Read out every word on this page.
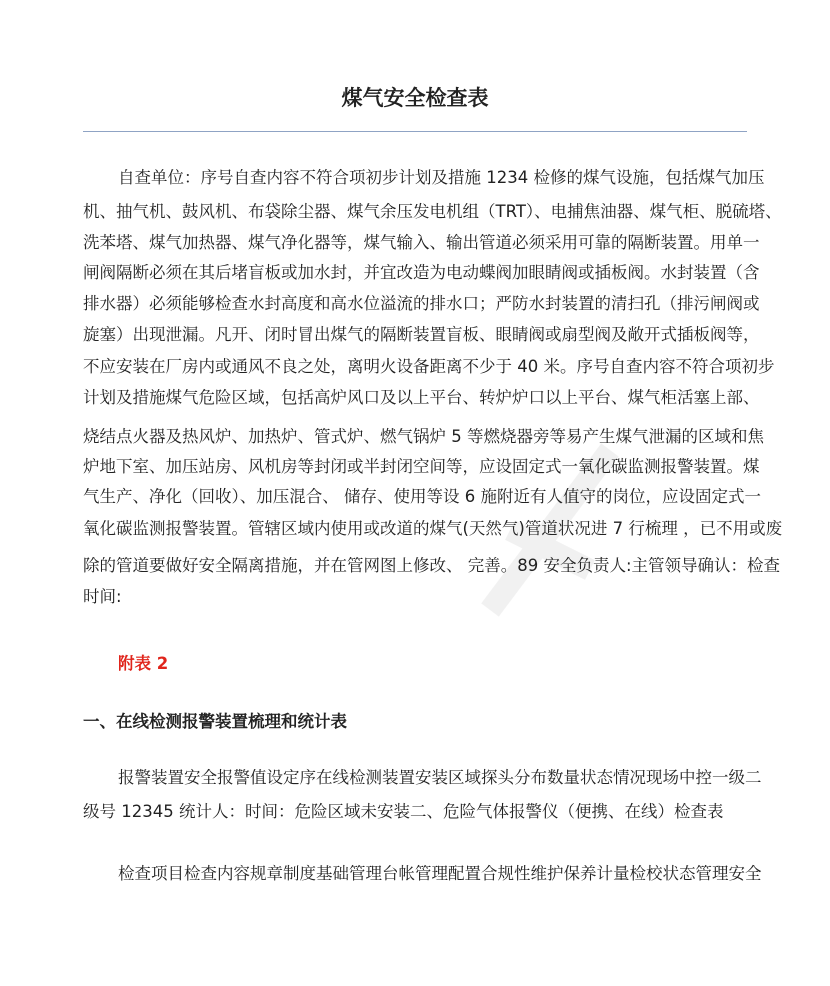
煤气安全检查表
自查单位：序号自查内容不符合项初步计划及措施 1234 检修的煤气设施，包括煤气加压
机、抽气机、鼓风机、布袋除尘器、煤气余压发电机组（TRT）、电捕焦油器、煤气柜、脱硫塔、
洗苯塔、煤气加热器、煤气净化器等，煤气输入、输出管道必须采用可靠的隔断装置。用单一
闸阀隔断必须在其后堵盲板或加水封，并宜改造为电动蝶阀加眼睛阀或插板阀。水封装置（含
排水器）必须能够检查水封高度和高水位溢流的排水口；严防水封装置的清扫孔（排污闸阀或
旋塞）出现泄漏。凡开、闭时冒出煤气的隔断装置盲板、眼睛阀或扇型阀及敞开式插板阀等，
不应安装在厂房内或通风不良之处，离明火设备距离不少于 40 米。序号自查内容不符合项初步
计划及措施煤气危险区域，包括高炉风口及以上平台、转炉炉口以上平台、煤气柜活塞上部、
烧结点火器及热风炉、加热炉、管式炉、燃气锅炉 5 等燃烧器旁等易产生煤气泄漏的区域和焦
炉地下室、加压站房、风机房等封闭或半封闭空间等，应设固定式一氧化碳监测报警装置。煤
气生产、净化（回收）、加压混合、 储存、使用等设 6 施附近有人值守的岗位，应设固定式一
氧化碳监测报警装置。管辖区域内使用或改道的煤气(天然气)管道状况进 7 行梳理 ，已不用或废
除的管道要做好安全隔离措施，并在管网图上修改、 完善。89 安全负责人:主管领导确认：检查
时间:
附表 2
一、在线检测报警装置梳理和统计表
报警装置安全报警值设定序在线检测装置安装区域探头分布数量状态情况现场中控一级二
级号 12345 统计人：时间：危险区域未安装二、危险气体报警仪（便携、在线）检查表
检查项目检查内容规章制度基础管理台帐管理配置合规性维护保养计量检校状态管理安全
